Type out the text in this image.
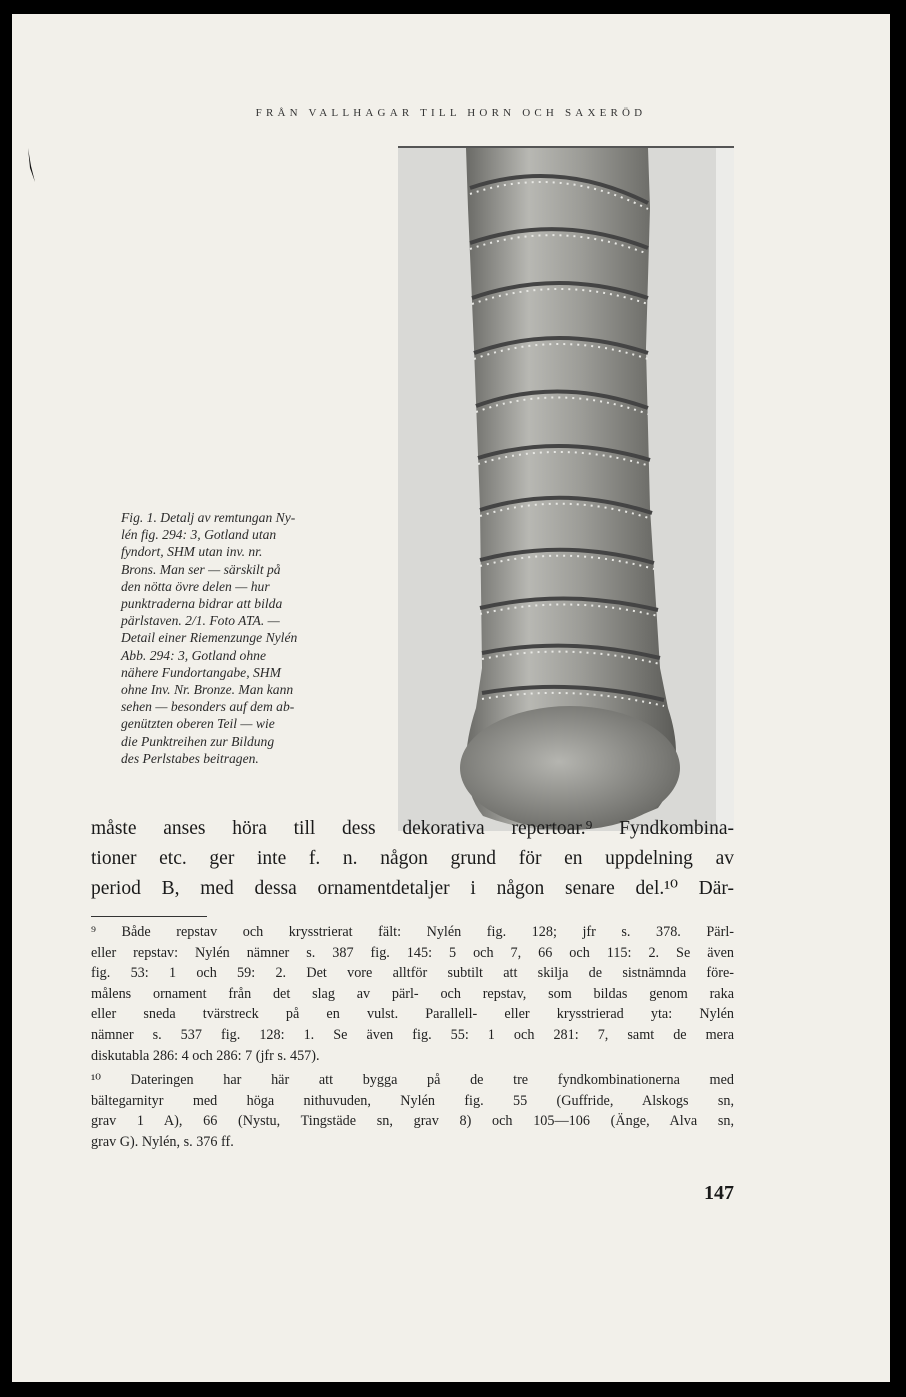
FRÅN VALLHAGAR TILL HORN OCH SAXERÖD
Fig. 1. Detalj av remtungan Ny-
lén fig. 294: 3, Gotland utan
fyndort, SHM utan inv. nr.
Brons. Man ser — särskilt på
den nötta övre delen — hur
punktraderna bidrar att bilda
pärlstaven. 2/1. Foto ATA. —
Detail einer Riemenzunge Nylén
Abb. 294: 3, Gotland ohne
nähere Fundortangabe, SHM
ohne Inv. Nr. Bronze. Man kann
sehen — besonders auf dem ab-
genützten oberen Teil — wie
die Punktreihen zur Bildung
des Perlstabes beitragen.
måste anses höra till dess dekorativa repertoar.⁹ Fyndkombina-
tioner etc. ger inte f. n. någon grund för en uppdelning av
period B, med dessa ornamentdetaljer i någon senare del.¹⁰ Där-
⁹ Både repstav och krysstrierat fält: Nylén fig. 128; jfr s. 378. Pärl-
eller repstav: Nylén nämner s. 387 fig. 145: 5 och 7, 66 och 115: 2. Se även
fig. 53: 1 och 59: 2. Det vore alltför subtilt att skilja de sistnämnda före-
målens ornament från det slag av pärl- och repstav, som bildas genom raka
eller sneda tvärstreck på en vulst. Parallell- eller krysstrierad yta: Nylén
nämner s. 537 fig. 128: 1. Se även fig. 55: 1 och 281: 7, samt de mera
diskutabla 286: 4 och 286: 7 (jfr s. 457).
¹⁰ Dateringen har här att bygga på de tre fyndkombinationerna med
bältegarnityr med höga nithuvuden, Nylén fig. 55 (Guffride, Alskogs sn,
grav 1 A), 66 (Nystu, Tingstäde sn, grav 8) och 105—106 (Änge, Alva sn,
grav G). Nylén, s. 376 ff.
147
